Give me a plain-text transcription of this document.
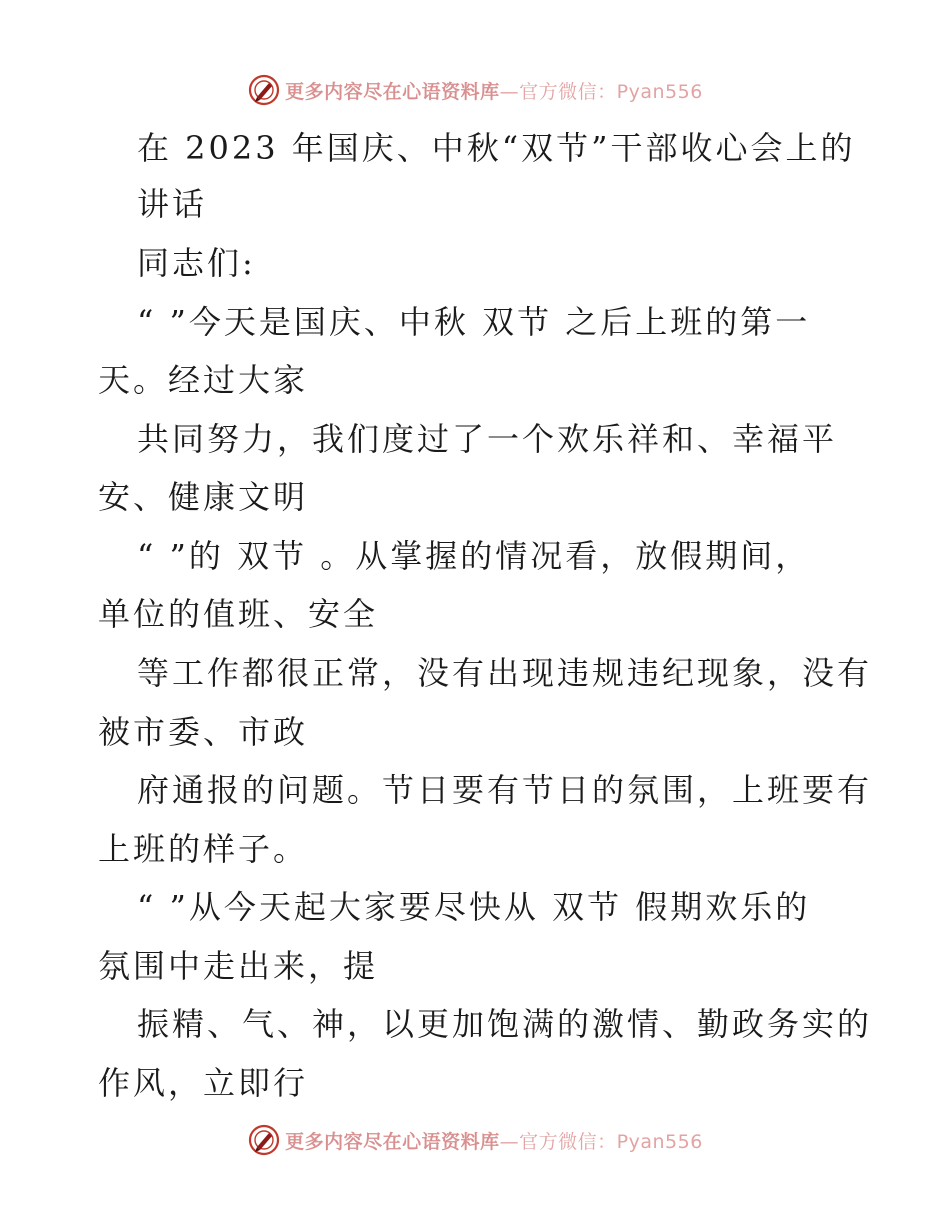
更多内容尽在心语资料库—官方微信：Pyan556
在 2023 年国庆、中秋“双节”干部收心会上的
讲话
同志们:
“ ”今天是国庆、中秋 双节 之后上班的第一
天。经过大家
共同努力，我们度过了一个欢乐祥和、幸福平
安、健康文明
“ ”的 双节 。从掌握的情况看，放假期间，
单位的值班、安全
等工作都很正常，没有出现违规违纪现象，没有
被市委、市政
府通报的问题。节日要有节日的氛围，上班要有
上班的样子。
“ ”从今天起大家要尽快从 双节 假期欢乐的
氛围中走出来，提
振精、气、神，以更加饱满的激情、勤政务实的
作风，立即行
更多内容尽在心语资料库—官方微信：Pyan556
